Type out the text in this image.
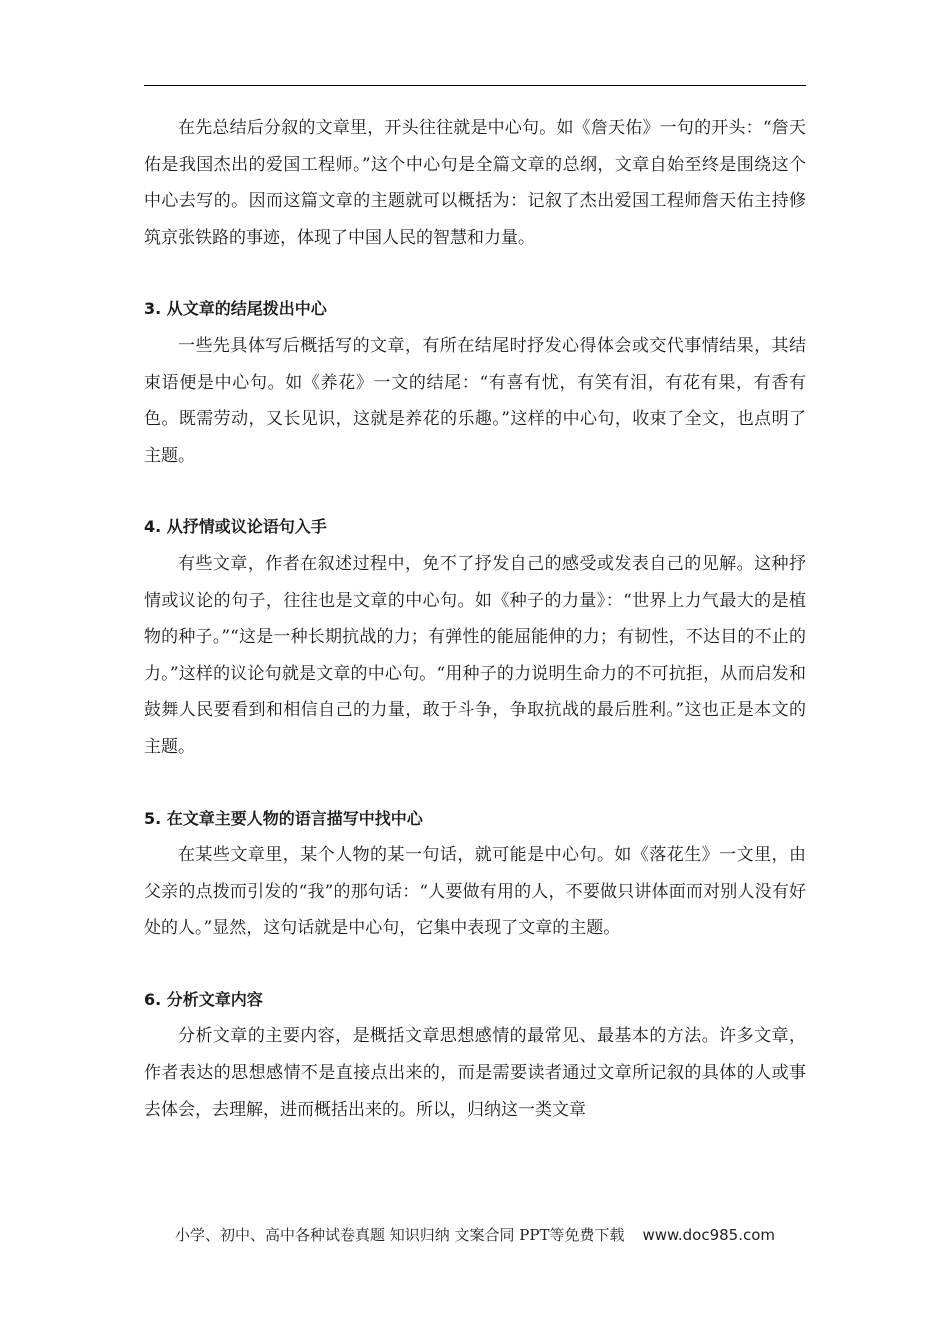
在先总结后分叙的文章里，开头往往就是中心句。如《詹天佑》一句的开头：“詹天佑是我国杰出的爱国工程师。”这个中心句是全篇文章的总纲，文章自始至终是围绕这个中心去写的。因而这篇文章的主题就可以概括为：记叙了杰出爱国工程师詹天佑主持修筑京张铁路的事迹，体现了中国人民的智慧和力量。

3. 从文章的结尾拨出中心

一些先具体写后概括写的文章，有所在结尾时抒发心得体会或交代事情结果，其结束语便是中心句。如《养花》一文的结尾：“有喜有忧，有笑有泪，有花有果，有香有色。既需劳动，又长见识，这就是养花的乐趣。”这样的中心句，收束了全文，也点明了主题。

4. 从抒情或议论语句入手

有些文章，作者在叙述过程中，免不了抒发自己的感受或发表自己的见解。这种抒情或议论的句子，往往也是文章的中心句。如《种子的力量》：“世界上力气最大的是植物的种子。”“这是一种长期抗战的力；有弹性的能屈能伸的力；有韧性，不达目的不止的力。”这样的议论句就是文章的中心句。“用种子的力说明生命力的不可抗拒，从而启发和鼓舞人民要看到和相信自己的力量，敢于斗争，争取抗战的最后胜利。”这也正是本文的主题。

5. 在文章主要人物的语言描写中找中心

在某些文章里，某个人物的某一句话，就可能是中心句。如《落花生》一文里，由父亲的点拨而引发的“我”的那句话：“人要做有用的人，不要做只讲体面而对别人没有好处的人。”显然，这句话就是中心句，它集中表现了文章的主题。

6. 分析文章内容

分析文章的主要内容，是概括文章思想感情的最常见、最基本的方法。许多文章，作者表达的思想感情不是直接点出来的，而是需要读者通过文章所记叙的具体的人或事去体会，去理解，进而概括出来的。所以，归纳这一类文章

小学、初中、高中各种试卷真题 知识归纳 文案合同 PPT等免费下载 www.doc985.com
